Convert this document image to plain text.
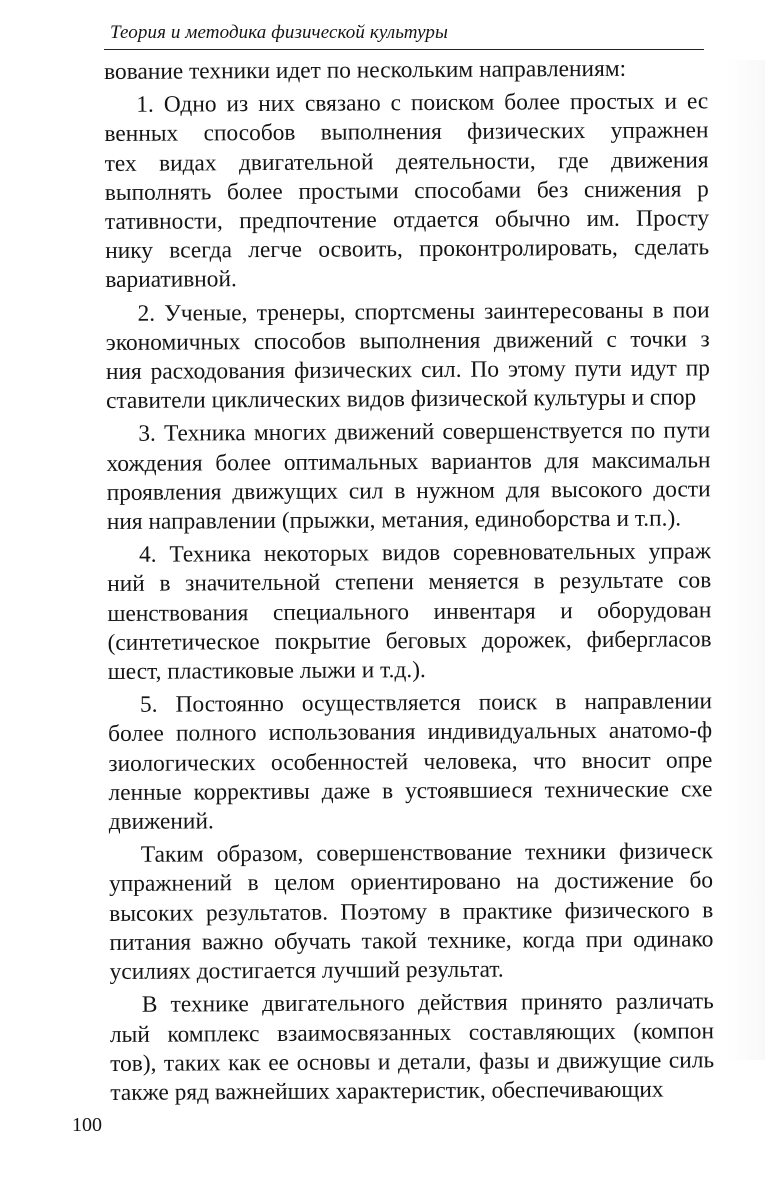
Теория и методика физической культуры
вование техники идет по нескольким направлениям:
1. Одно из них связано с поиском более простых и ес
венных способов выполнения физических упражнен
тех видах двигательной деятельности, где движения
выполнять более простыми способами без снижения р
тативности, предпочтение отдается обычно им. Просту
нику всегда легче освоить, проконтролировать, сделать
вариативной.
2. Ученые, тренеры, спортсмены заинтересованы в пои
экономичных способов выполнения движений с точки з
ния расходования физических сил. По этому пути идут пр
ставители циклических видов физической культуры и спор
3. Техника многих движений совершенствуется по пути
хождения более оптимальных вариантов для максимальн
проявления движущих сил в нужном для высокого дости
ния направлении (прыжки, метания, единоборства и т.п.).
4. Техника некоторых видов соревновательных упраж
ний в значительной степени меняется в результате сов
шенствования специального инвентаря и оборудован
(синтетическое покрытие беговых дорожек, фибергласов
шест, пластиковые лыжи и т.д.).
5. Постоянно осуществляется поиск в направлении
более полного использования индивидуальных анатомо-ф
зиологических особенностей человека, что вносит опре
ленные коррективы даже в устоявшиеся технические схе
движений.
Таким образом, совершенствование техники физическ
упражнений в целом ориентировано на достижение бо
высоких результатов. Поэтому в практике физического в
питания важно обучать такой технике, когда при одинако
усилиях достигается лучший результат.
В технике двигательного действия принято различать
лый комплекс взаимосвязанных составляющих (компон
тов), таких как ее основы и детали, фазы и движущие силь
также ряд важнейших характеристик, обеспечивающих
100
